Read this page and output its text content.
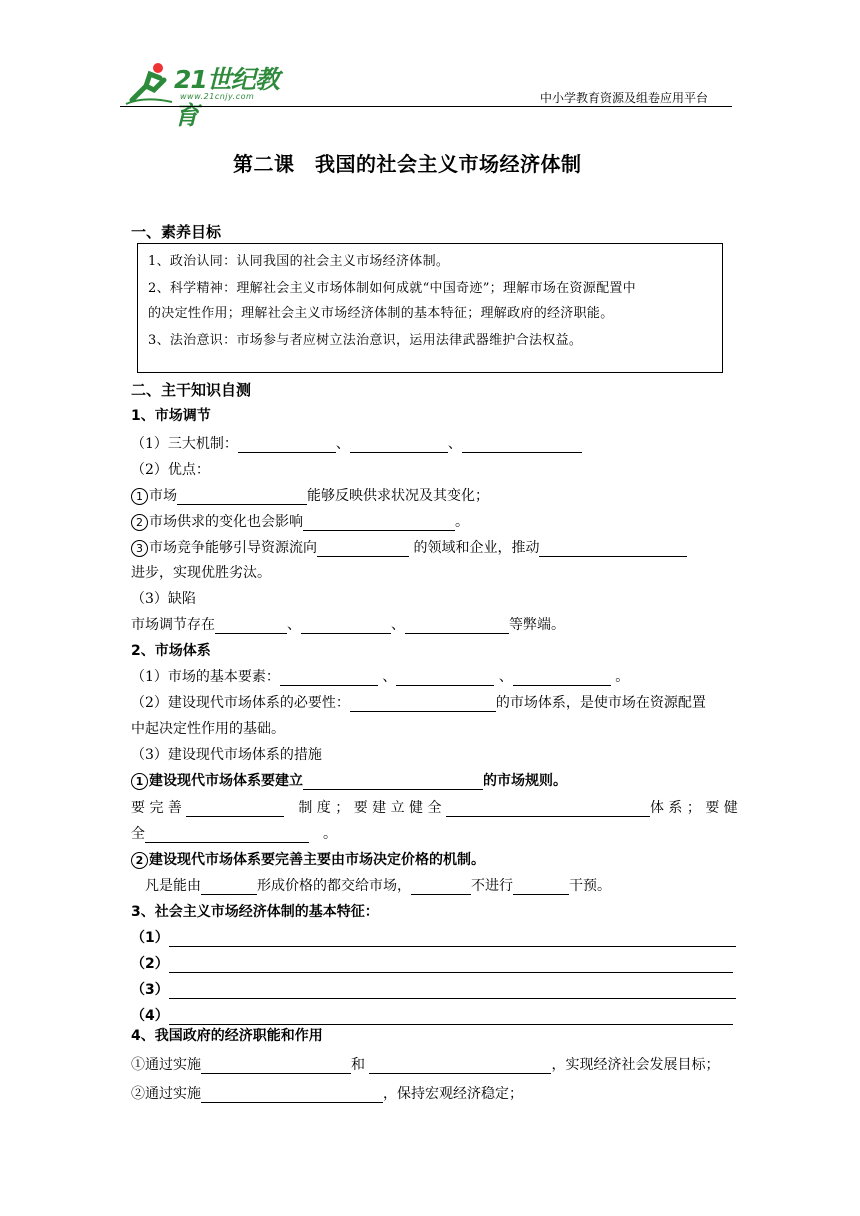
21世纪教育
www.21cnjy.com	中小学教育资源及组卷应用平台
第二课　我国的社会主义市场经济体制
一、素养目标
1、政治认同：认同我国的社会主义市场经济体制。
2、科学精神：理解社会主义市场体制如何成就“中国奇迹”；理解市场在资源配置中
的决定性作用；理解社会主义市场经济体制的基本特征；理解政府的经济职能。
3、法治意识：市场参与者应树立法治意识，运用法律武器维护合法权益。
二、主干知识自测
1、市场调节
（1）三大机制：	、	、
（2）优点：
1 市场	能够反映供求状况及其变化；
2 市场供求的变化也会影响	。
3 市场竞争能够引导资源流向	的领域和企业，推动
进步，实现优胜劣汰。
（3）缺陷
市场调节存在	、	、	等弊端。
2、市场体系
（1）市场的基本要素：	、	、	。
（2）建设现代市场体系的必要性：	的市场体系，是使市场在资源配置
中起决定性作用的基础。
（3）建设现代市场体系的措施
1 建设现代市场体系要建立	的市场规则。
要 完 善 　	制 度 ； 要 建 立 健 全	体 系 ； 要 健
全　	。
2 建设现代市场体系要完善主要由市场决定价格的机制。
凡是能由	形成价格的都交给市场，	不进行	干预。
3、社会主义市场经济体制的基本特征：
（1）
（2）
（3）
（4）
4、我国政府的经济职能和作用
①通过实施	和	，实现经济社会发展目标；
②通过实施	，保持宏观经济稳定；
